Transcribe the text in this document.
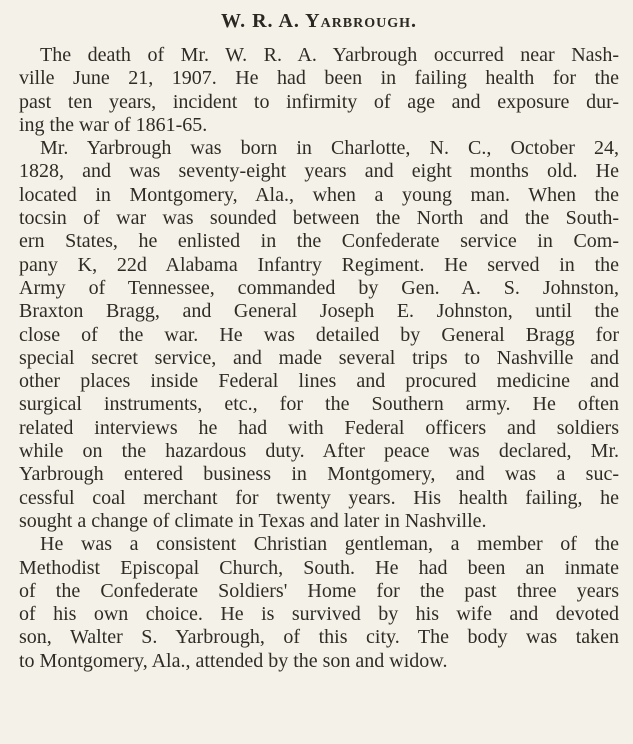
W. R. A. Yarbrough.

The death of Mr. W. R. A. Yarbrough occurred near Nash-
ville June 21, 1907. He had been in failing health for the
past ten years, incident to infirmity of age and exposure dur-
ing the war of 1861-65.

Mr. Yarbrough was born in Charlotte, N. C., October 24,
1828, and was seventy-eight years and eight months old. He
located in Montgomery, Ala., when a young man. When the
tocsin of war was sounded between the North and the South-
ern States, he enlisted in the Confederate service in Com-
pany K, 22d Alabama Infantry Regiment. He served in the
Army of Tennessee, commanded by Gen. A. S. Johnston,
Braxton Bragg, and General Joseph E. Johnston, until the
close of the war. He was detailed by General Bragg for
special secret service, and made several trips to Nashville and
other places inside Federal lines and procured medicine and
surgical instruments, etc., for the Southern army. He often
related interviews he had with Federal officers and soldiers
while on the hazardous duty. After peace was declared, Mr.
Yarbrough entered business in Montgomery, and was a suc-
cessful coal merchant for twenty years. His health failing, he
sought a change of climate in Texas and later in Nashville.

He was a consistent Christian gentleman, a member of the
Methodist Episcopal Church, South. He had been an inmate
of the Confederate Soldiers' Home for the past three years
of his own choice. He is survived by his wife and devoted
son, Walter S. Yarbrough, of this city. The body was taken
to Montgomery, Ala., attended by the son and widow.
